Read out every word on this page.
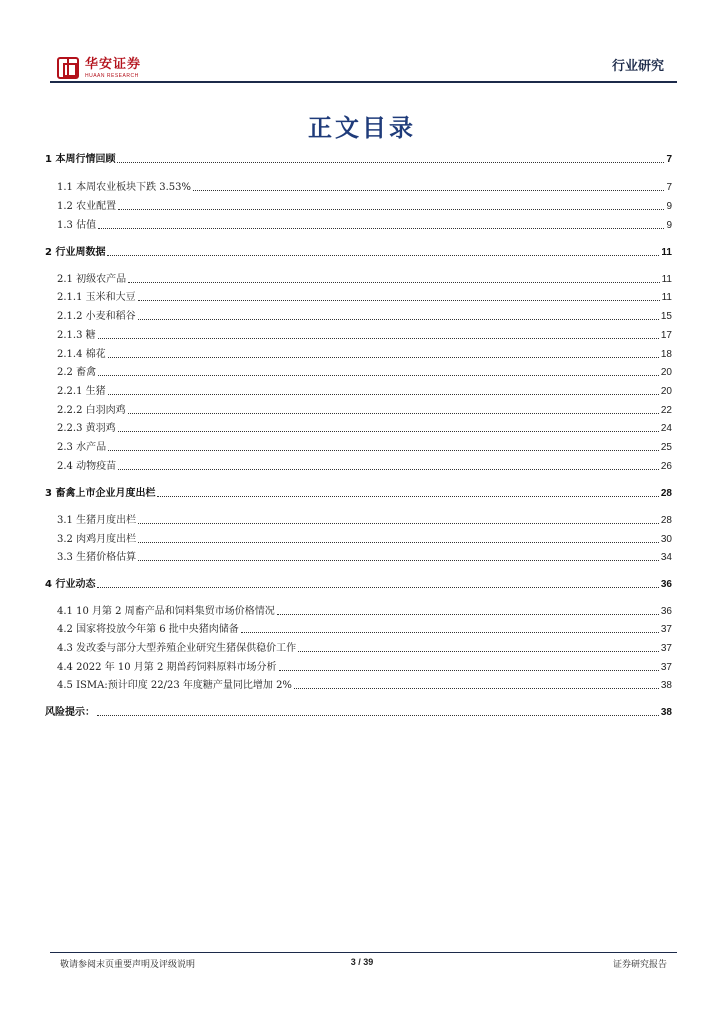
华安证券
HUAAN RESEARCH
行业研究
正文目录
1 本周行情回顾	7
1.1 本周农业板块下跌 3.53%	7
1.2 农业配置	9
1.3 估值	9
2 行业周数据	11
2.1 初级农产品	11
2.1.1 玉米和大豆	11
2.1.2 小麦和稻谷	15
2.1.3 糖	17
2.1.4 棉花	18
2.2 畜禽	20
2.2.1 生猪	20
2.2.2 白羽肉鸡	22
2.2.3 黄羽鸡	24
2.3 水产品	25
2.4 动物疫苗	26
3 畜禽上市企业月度出栏	28
3.1 生猪月度出栏	28
3.2 肉鸡月度出栏	30
3.3 生猪价格估算	34
4 行业动态	36
4.1 10 月第 2 周畜产品和饲料集贸市场价格情况	36
4.2 国家将投放今年第 6 批中央猪肉储备	37
4.3 发改委与部分大型养殖企业研究生猪保供稳价工作	37
4.4 2022 年 10 月第 2 期兽药饲料原料市场分析	37
4.5 ISMA:预计印度 22/23 年度糖产量同比增加 2%	38
风险提示：	38
敬请参阅末页重要声明及评级说明	3 / 39	证券研究报告
